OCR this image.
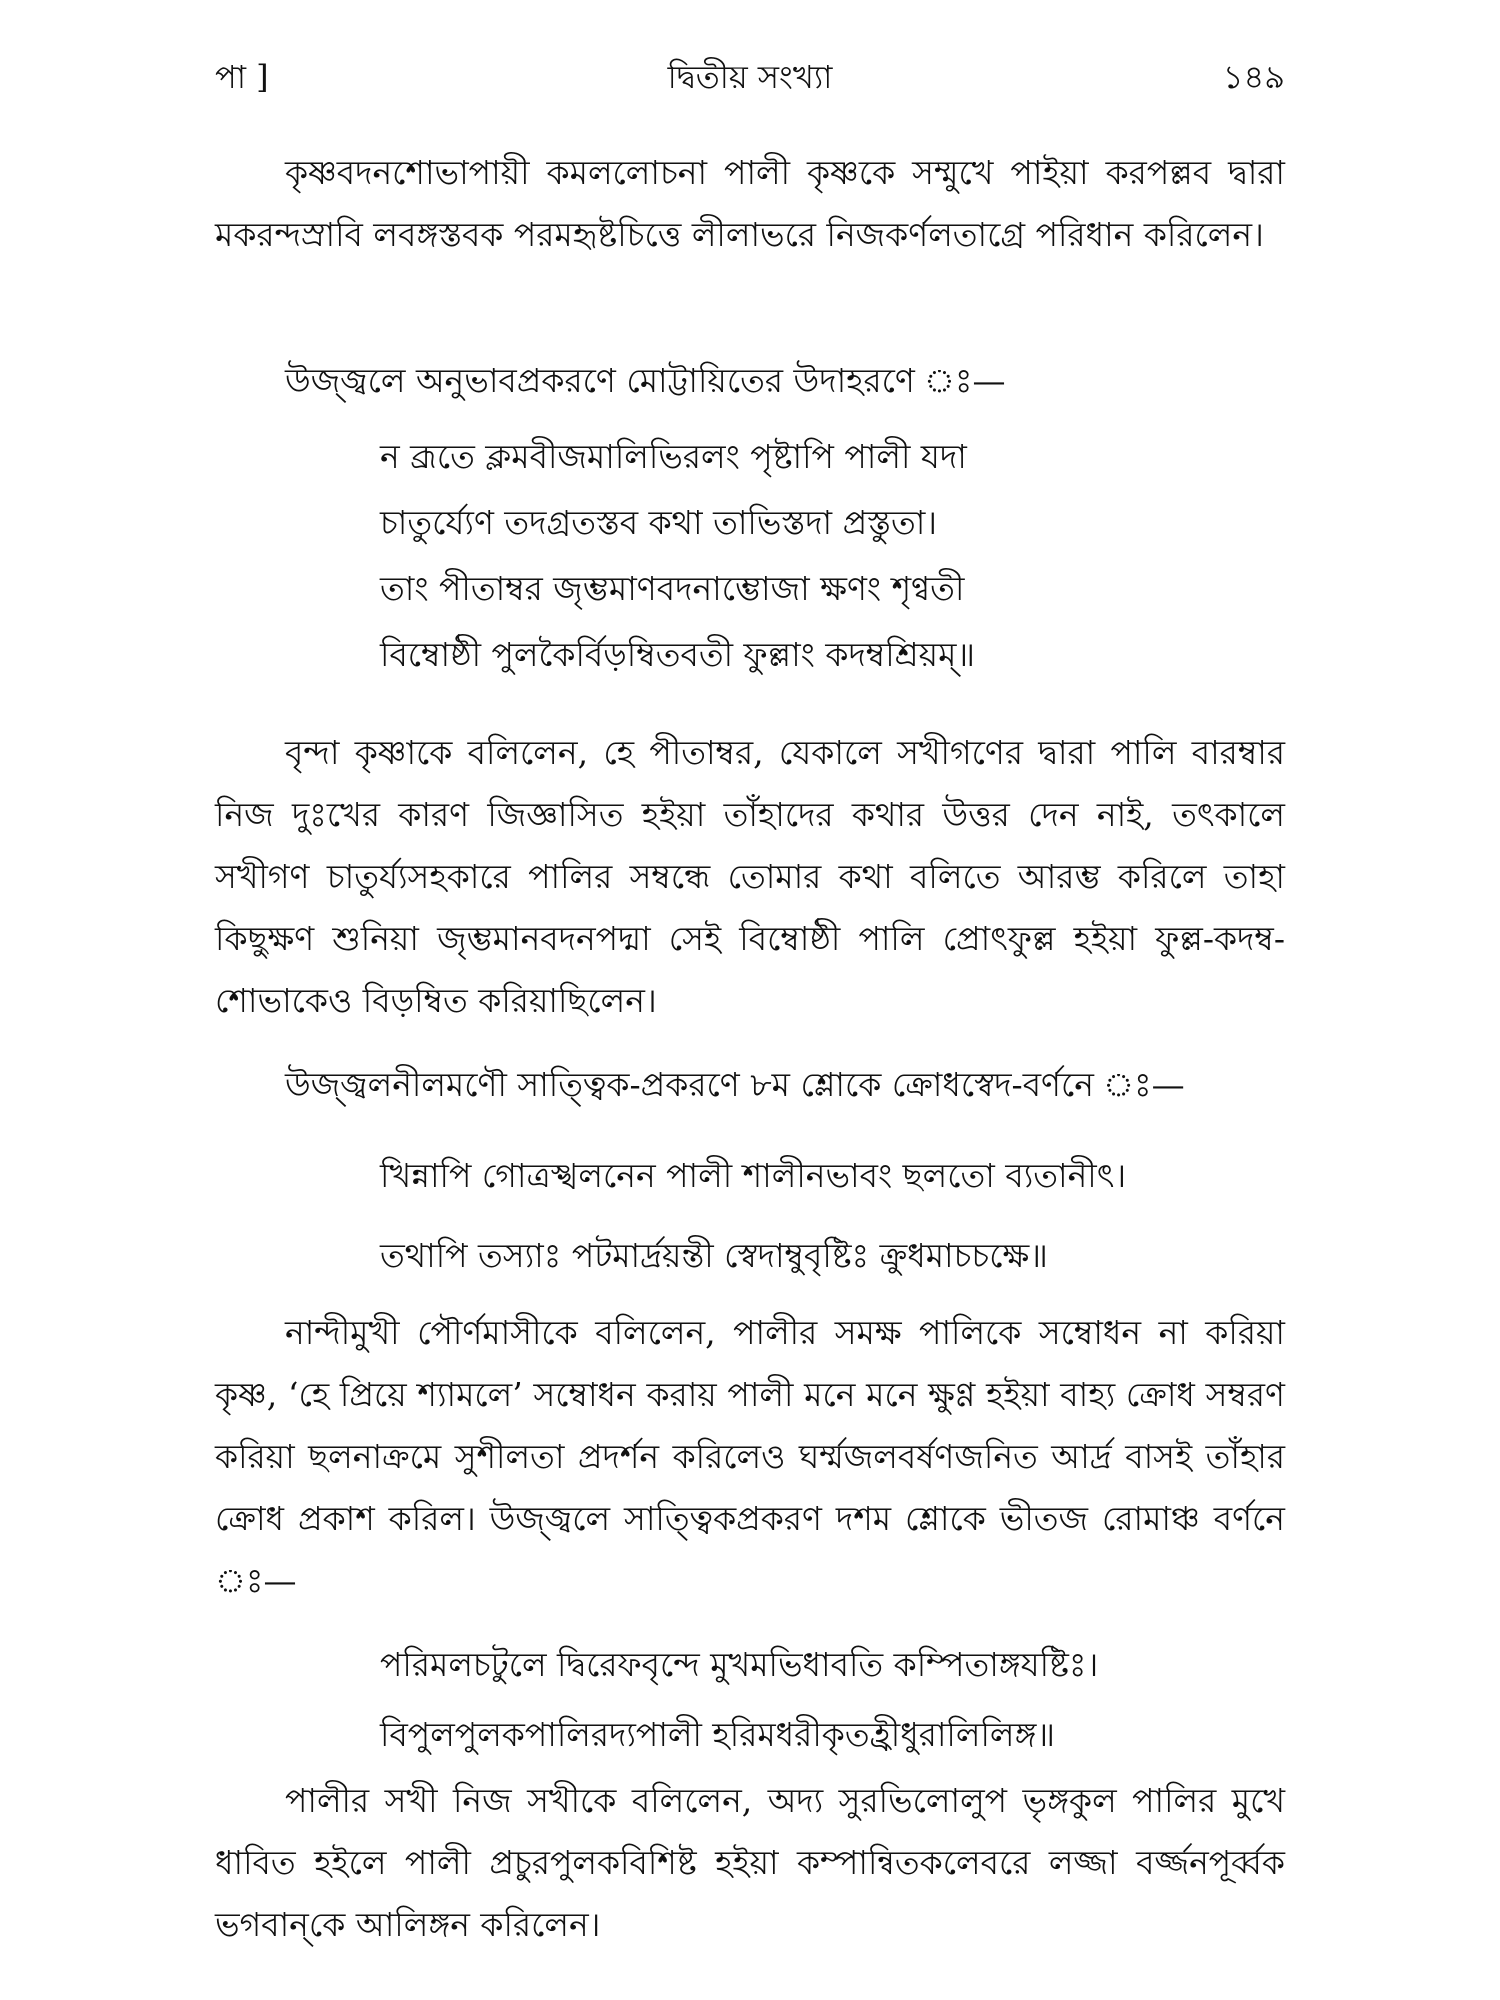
পা ]	দ্বিতীয় সংখ্যা	১৪৯

কৃষ্ণবদনশোভাপায়ী কমললোচনা পালী কৃষ্ণকে সম্মুখে পাইয়া করপল্লব দ্বারা মকরন্দস্রাবি লবঙ্গস্তবক পরমহৃষ্টচিত্তে লীলাভরে নিজকর্ণলতাগ্রে পরিধান করিলেন।

উজ্জ্বলে অনুভাবপ্রকরণে মোট্টায়িতের উদাহরণে ঃ—

ন ব্রূতে ক্লমবীজমালিভিরলং পৃষ্টাপি পালী যদা
চাতুর্য্যেণ তদগ্রতস্তব কথা তাভিস্তদা প্রস্তুতা।
তাং পীতাম্বর জৃম্ভমাণবদনাম্ভোজা ক্ষণং শৃণ্বতী
বিম্বোষ্ঠী পুলকৈর্বিড়ম্বিতবতী ফুল্লাং কদম্বশ্রিয়ম্‌॥

বৃন্দা কৃষ্ণাকে বলিলেন, হে পীতাম্বর, যেকালে সখীগণের দ্বারা পালি বারম্বার নিজ দুঃখের কারণ জিজ্ঞাসিত হইয়া তাঁহাদের কথার উত্তর দেন নাই, তৎকালে সখীগণ চাতুর্য্যসহকারে পালির সম্বন্ধে তোমার কথা বলিতে আরম্ভ করিলে তাহা কিছুক্ষণ শুনিয়া জৃম্ভমানবদনপদ্মা সেই বিম্বোষ্ঠী পালি প্রোৎফুল্ল হইয়া ফুল্ল-কদম্ব-শোভাকেও বিড়ম্বিত করিয়াছিলেন।

উজ্জ্বলনীলমণৌ সাত্ত্বিক-প্রকরণে ৮ম শ্লোকে ক্রোধস্বেদ-বর্ণনে ঃ—

খিন্নাপি গোত্রস্খলনেন পালী শালীনভাবং ছলতো ব্যতানীৎ।
তথাপি তস্যাঃ পটমার্দ্রয়ন্তী স্বেদাম্বুবৃষ্টিঃ ক্রুধমাচচক্ষে॥

নান্দীমুখী পৌর্ণমাসীকে বলিলেন, পালীর সমক্ষ পালিকে সম্বোধন না করিয়া কৃষ্ণ, ‘হে প্রিয়ে শ্যামলে’ সম্বোধন করায় পালী মনে মনে ক্ষুণ্ণ হইয়া বাহ্য ক্রোধ সম্বরণ করিয়া ছলনাক্রমে সুশীলতা প্রদর্শন করিলেও ঘর্ম্মজলবর্ষণজনিত আর্দ্র বাসই তাঁহার ক্রোধ প্রকাশ করিল। উজ্জ্বলে সাত্ত্বিকপ্রকরণ দশম শ্লোকে ভীতজ রোমাঞ্চ বর্ণনে ঃ—

পরিমলচটুলে দ্বিরেফবৃন্দে মুখমভিধাবতি কম্পিতাঙ্গযষ্টিঃ।
বিপুলপুলকপালিরদ্যপালী হরিমধরীকৃতহ্রীধুরালিলিঙ্গ॥

পালীর সখী নিজ সখীকে বলিলেন, অদ্য সুরভিলোলুপ ভৃঙ্গকুল পালির মুখে ধাবিত হইলে পালী প্রচুরপুলকবিশিষ্ট হইয়া কম্পান্বিতকলেবরে লজ্জা বর্জ্জনপূর্ব্বক ভগবান্‌কে আলিঙ্গন করিলেন।
